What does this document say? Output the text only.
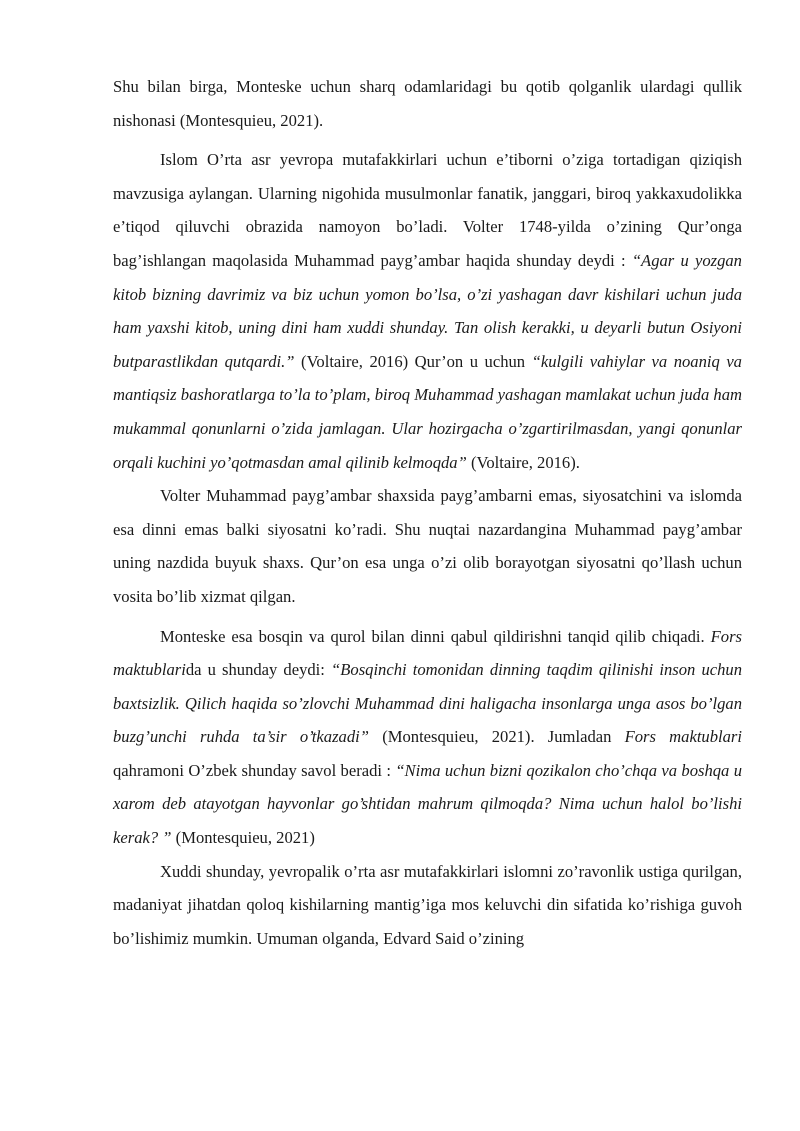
Shu bilan birga, Monteske uchun sharq odamlaridagi bu qotib qolganlik ulardagi qullik nishonasi (Montesquieu, 2021).

Islom O’rta asr yevropa mutafakkirlari uchun e’tiborni o’ziga tortadigan qiziqish mavzusiga aylangan. Ularning nigohida musulmonlar fanatik, janggari, biroq yakkaxudolikka e’tiqod qiluvchi obrazida namoyon bo’ladi. Volter 1748-yilda o’zining Qur’onga bag’ishlangan maqolasida Muhammad payg’ambar haqida shunday deydi : “Agar u yozgan kitob bizning davrimiz va biz uchun yomon bo’lsa, o’zi yashagan davr kishilari uchun juda ham yaxshi kitob, uning dini ham xuddi shunday. Tan olish kerakki, u deyarli butun Osiyoni butparastlikdan qutqardi.” (Voltaire, 2016) Qur’on u uchun “kulgili vahiylar va noaniq va mantiqsiz bashoratlarga to’la to’plam, biroq Muhammad yashagan mamlakat uchun juda ham mukammal qonunlarni o’zida jamlagan. Ular hozirgacha o’zgartirilmasdan, yangi qonunlar orqali kuchini yo’qotmasdan amal qilinib kelmoqda” (Voltaire, 2016).

Volter Muhammad payg’ambar shaxsida payg’ambarni emas, siyosatchini va islomda esa dinni emas balki siyosatni ko’radi. Shu nuqtai nazardangina Muhammad payg’ambar uning nazdida buyuk shaxs. Qur’on esa unga o’zi olib borayotgan siyosatni qo’llash uchun vosita bo’lib xizmat qilgan.

Monteske esa bosqin va qurol bilan dinni qabul qildirishni tanqid qilib chiqadi. Fors maktublarida u shunday deydi: “Bosqinchi tomonidan dinning taqdim qilinishi inson uchun baxtsizlik. Qilich haqida so’zlovchi Muhammad dini haligacha insonlarga unga asos bo’lgan buzg’unchi ruhda ta’sir o’tkazadi” (Montesquieu, 2021). Jumladan Fors maktublari qahramoni O’zbek shunday savol beradi : “Nima uchun bizni qozikalon cho’chqa va boshqa u xarom deb atayotgan hayvonlar go’shtidan mahrum qilmoqda? Nima uchun halol bo’lishi kerak? ” (Montesquieu, 2021)

Xuddi shunday, yevropalik o’rta asr mutafakkirlari islomni zo’ravonlik ustiga qurilgan, madaniyat jihatdan qoloq kishilarning mantig’iga mos keluvchi din sifatida ko’rishiga guvoh bo’lishimiz mumkin. Umuman olganda, Edvard Said o’zining
